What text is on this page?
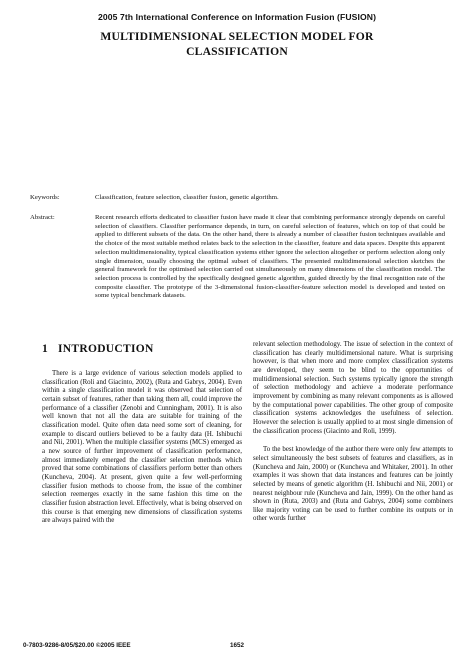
2005 7th International Conference on Information Fusion (FUSION)
MULTIDIMENSIONAL SELECTION MODEL FOR
CLASSIFICATION
Keywords:	Classification, feature selection, classifier fusion, genetic algorithm.
Abstract:	Recent research efforts dedicated to classifier fusion have made it clear that combining performance strongly depends on careful selection of classifiers. Classifier performance depends, in turn, on careful selection of features, which on top of that could be applied to different subsets of the data. On the other hand, there is already a number of classifier fusion techniques available and the choice of the most suitable method relates back to the selection in the classifier, feature and data spaces. Despite this apparent selection multidimensionality, typical classification systems either ignore the selection altogether or perform selection along only single dimension, usually choosing the optimal subset of classifiers. The presented multidimensional selection sketches the general framework for the optimised selection carried out simultaneously on many dimensions of the classification model. The selection process is controlled by the specifically designed genetic algorithm, guided directly by the final recognition rate of the composite classifier. The prototype of the 3-dimensional fusion-classifier-feature selection model is developed and tested on some typical benchmark datasets.
1 INTRODUCTION

There is a large evidence of various selection models applied to classification (Roli and Giacinto, 2002), (Ruta and Gabrys, 2004). Even within a single classification model it was observed that selection of certain subset of features, rather than taking them all, could improve the performance of a classifier (Zenobi and Cunningham, 2001). It is also well known that not all the data are suitable for training of the classification model. Quite often data need some sort of cleaning, for example to discard outliers believed to be a faulty data (H. Ishibuchi and Nii, 2001). When the multiple classifier systems (MCS) emerged as a new source of further improvement of classification performance, almost immediately emerged the classifier selection methods which proved that some combinations of classifiers perform better than others (Kuncheva, 2004). At present, given quite a few well-performing classifier fusion methods to choose from, the issue of the combiner selection reemerges exactly in the same fashion this time on the classifier fusion abstraction level. Effectively, what is being observed on this course is that emerging new dimensions of classification systems are always paired with the

relevant selection methodology. The issue of selection in the context of classification has clearly multidimensional nature. What is surprising however, is that when more and more complex classification systems are developed, they seem to be blind to the opportunities of multidimensional selection. Such systems typically ignore the strength of selection methodology and achieve a moderate performance improvement by combining as many relevant components as is allowed by the computational power capabilities. The other group of composite classification systems acknowledges the usefulness of selection. However the selection is usually applied to at most single dimension of the classification process (Giacinto and Roli, 1999).

To the best knowledge of the author there were only few attempts to select simultaneously the best subsets of features and classifiers, as in (Kuncheva and Jain, 2000) or (Kuncheva and Whitaker, 2001). In other examples it was shown that data instances and features can be jointly selected by means of genetic algorithm (H. Ishibuchi and Nii, 2001) or nearest neighbour rule (Kuncheva and Jain, 1999). On the other hand as shown in (Ruta, 2003) and (Ruta and Gabrys, 2004) some combiners like majority voting can be used to further combine its outputs or in other words further

0-7803-9286-8/05/$20.00 ©2005 IEEE	1652
